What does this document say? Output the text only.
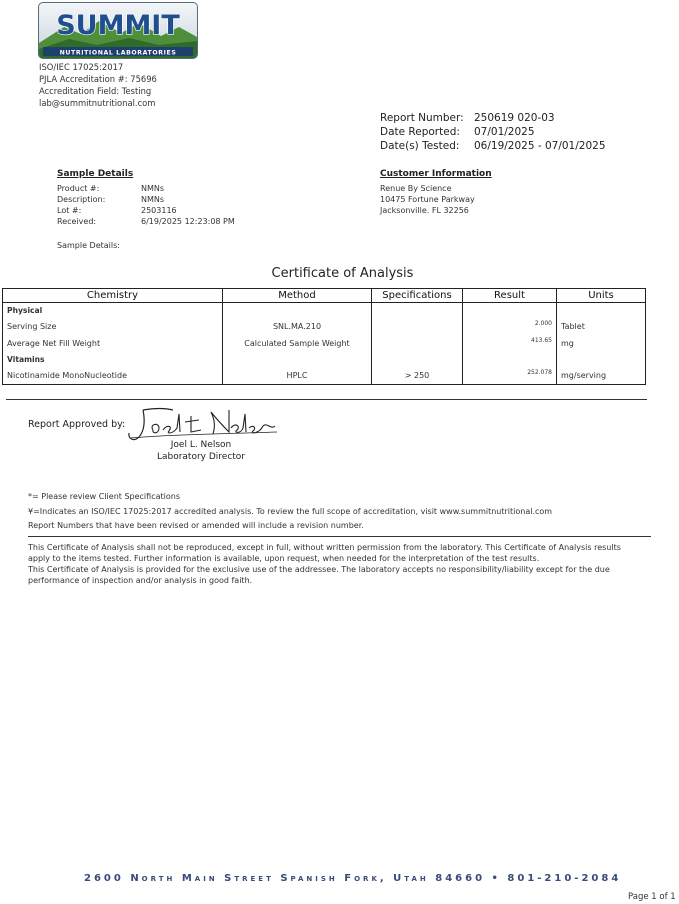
SUMMIT
NUTRITIONAL LABORATORIES
ISO/IEC 17025:2017
PJLA Accreditation #: 75696
Accreditation Field: Testing
lab@summitnutritional.com
Report Number: 250619 020-03
Date Reported: 07/01/2025
Date(s) Tested: 06/19/2025 - 07/01/2025
Sample Details
Product #:	NMNs
Description:	NMNs
Lot #:	2503116
Received:	6/19/2025 12:23:08 PM
Sample Details:
Customer Information
Renue By Science
10475 Fortune Parkway
Jacksonville. FL 32256
Certificate of Analysis
Chemistry	Method	Specifications	Result	Units
Physical				
Serving Size	SNL.MA.210		2.000	Tablet
Average Net Fill Weight	Calculated Sample Weight		413.65	mg
Vitamins				
Nicotinamide MonoNucleotide	HPLC	> 250	252.078	mg/serving
Report Approved by:
Joel L. Nelson
Laboratory Director
*= Please review Client Specifications
¥=Indicates an ISO/IEC 17025:2017 accredited analysis. To review the full scope of accreditation, visit www.summitnutritional.com
Report Numbers that have been revised or amended will include a revision number.
This Certificate of Analysis shall not be reproduced, except in full, without written permission from the laboratory. This Certificate of Analysis results apply to the items tested. Further information is available, upon request, when needed for the interpretation of the test results.
This Certificate of Analysis is provided for the exclusive use of the addressee. The laboratory accepts no responsibility/liability except for the due performance of inspection and/or analysis in good faith.
2600 North Main Street Spanish Fork, Utah 84660 • 801-210-2084
Page 1 of 1
